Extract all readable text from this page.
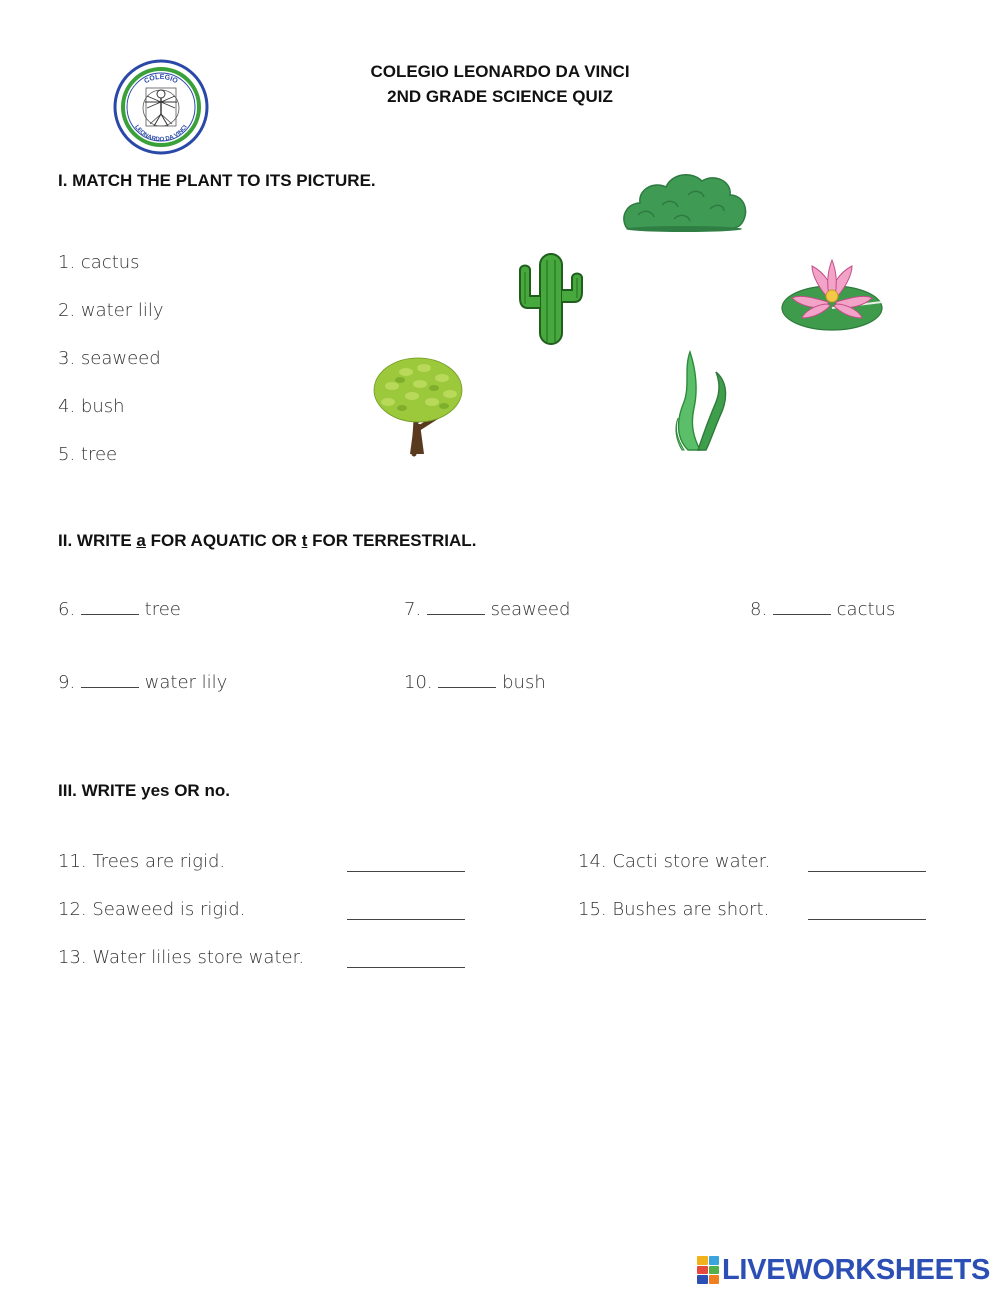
COLEGIO
LEONARDO DA VINCI
COLEGIO LEONARDO DA VINCI
2ND GRADE SCIENCE QUIZ
I. MATCH THE PLANT TO ITS PICTURE.
1. cactus
2. water lily
3. seaweed
4. bush
5. tree
II. WRITE a FOR AQUATIC OR t FOR TERRESTRIAL.
6.	tree	7.	seaweed	8.	cactus
9.	water lily	10.	bush
III. WRITE yes OR no.
11. Trees are rigid.
12. Seaweed is rigid.
13. Water lilies store water.
14. Cacti store water.
15. Bushes are short.
LIVEWORKSHEETS
